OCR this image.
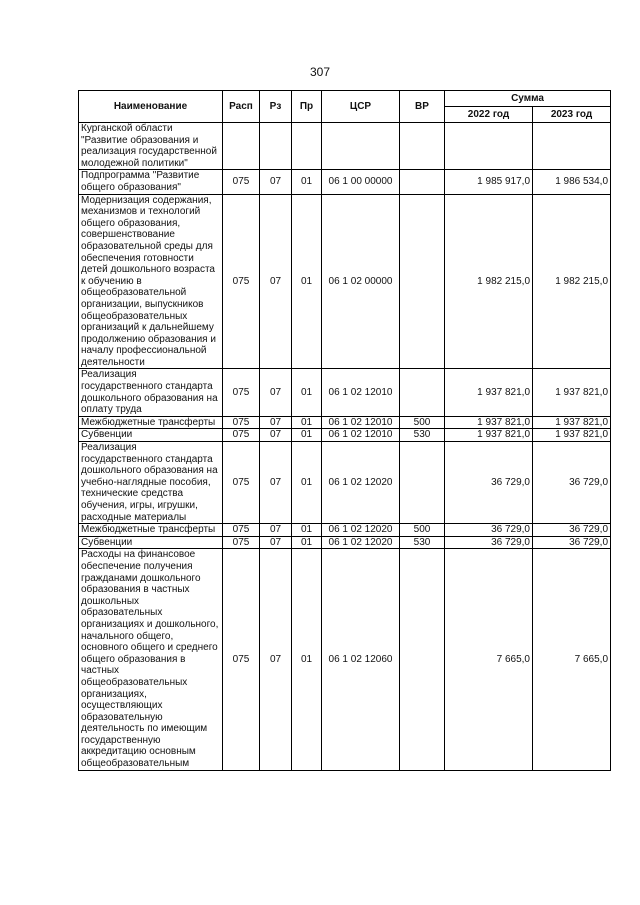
307
Наименование	Расп	Рз	Пр	ЦСР	ВР	Сумма	
						2022 год	2023 год
Курганской области "Развитие образования и реализация государственной молодежной политики"							
Подпрограмма "Развитие общего образования"	075	07	01	06 1 00 00000		1 985 917,0	1 986 534,0
Модернизация содержания, механизмов и технологий общего образования, совершенствование образовательной среды для обеспечения готовности детей дошкольного возраста к обучению в общеобразовательной организации, выпускников общеобразовательных организаций к дальнейшему продолжению образования и началу профессиональной деятельности	075	07	01	06 1 02 00000		1 982 215,0	1 982 215,0
Реализация государственного стандарта дошкольного образования на оплату труда	075	07	01	06 1 02 12010		1 937 821,0	1 937 821,0
Межбюджетные трансферты	075	07	01	06 1 02 12010	500	1 937 821,0	1 937 821,0
Субвенции	075	07	01	06 1 02 12010	530	1 937 821,0	1 937 821,0
Реализация государственного стандарта дошкольного образования на учебно-наглядные пособия, технические средства обучения, игры, игрушки, расходные материалы	075	07	01	06 1 02 12020		36 729,0	36 729,0
Межбюджетные трансферты	075	07	01	06 1 02 12020	500	36 729,0	36 729,0
Субвенции	075	07	01	06 1 02 12020	530	36 729,0	36 729,0
Расходы на финансовое обеспечение получения гражданами дошкольного образования в частных дошкольных образовательных организациях и дошкольного, начального общего, основного общего и среднего общего образования в частных общеобразовательных организациях, осуществляющих образовательную деятельность по имеющим государственную аккредитацию основным общеобразовательным	075	07	01	06 1 02 12060		7 665,0	7 665,0
